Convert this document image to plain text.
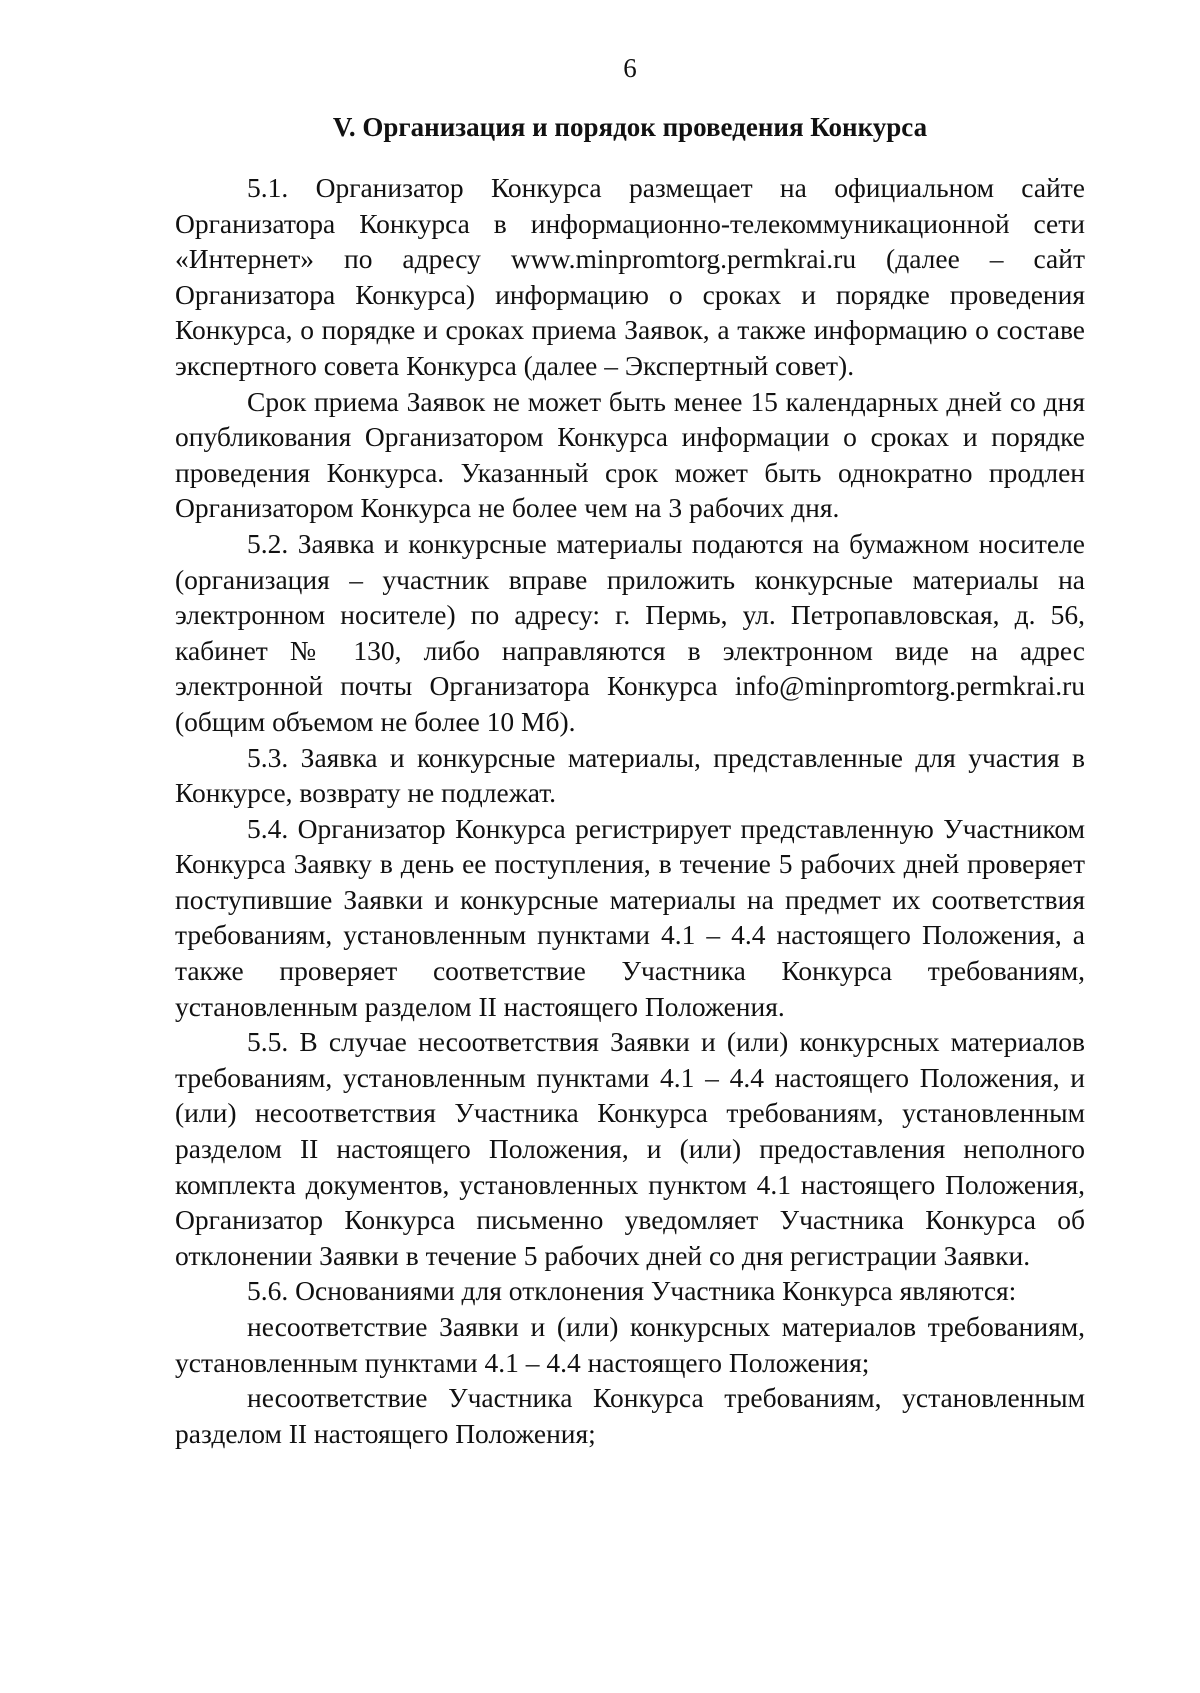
6
V. Организация и порядок проведения Конкурса

5.1. Организатор Конкурса размещает на официальном сайте Организатора Конкурса в информационно-телекоммуникационной сети «Интернет» по адресу www.minpromtorg.permkrai.ru (далее – сайт Организатора Конкурса) информацию о сроках и порядке проведения Конкурса, о порядке и сроках приема Заявок, а также информацию о составе экспертного совета Конкурса (далее – Экспертный совет).

Срок приема Заявок не может быть менее 15 календарных дней со дня опубликования Организатором Конкурса информации о сроках и порядке проведения Конкурса. Указанный срок может быть однократно продлен Организатором Конкурса не более чем на 3 рабочих дня.

5.2. Заявка и конкурсные материалы подаются на бумажном носителе (организация – участник вправе приложить конкурсные материалы на электронном носителе) по адресу: г. Пермь, ул. Петропавловская, д. 56, кабинет № 130, либо направляются в электронном виде на адрес электронной почты Организатора Конкурса info@minpromtorg.permkrai.ru (общим объемом не более 10 Мб).

5.3. Заявка и конкурсные материалы, представленные для участия в Конкурсе, возврату не подлежат.

5.4. Организатор Конкурса регистрирует представленную Участником Конкурса Заявку в день ее поступления, в течение 5 рабочих дней проверяет поступившие Заявки и конкурсные материалы на предмет их соответствия требованиям, установленным пунктами 4.1 – 4.4 настоящего Положения, а также проверяет соответствие Участника Конкурса требованиям, установленным разделом II настоящего Положения.

5.5. В случае несоответствия Заявки и (или) конкурсных материалов требованиям, установленным пунктами 4.1 – 4.4 настоящего Положения, и (или) несоответствия Участника Конкурса требованиям, установленным разделом II настоящего Положения, и (или) предоставления неполного комплекта документов, установленных пунктом 4.1 настоящего Положения, Организатор Конкурса письменно уведомляет Участника Конкурса об отклонении Заявки в течение 5 рабочих дней со дня регистрации Заявки.

5.6. Основаниями для отклонения Участника Конкурса являются:

несоответствие Заявки и (или) конкурсных материалов требованиям, установленным пунктами 4.1 – 4.4 настоящего Положения;

несоответствие Участника Конкурса требованиям, установленным разделом II настоящего Положения;
